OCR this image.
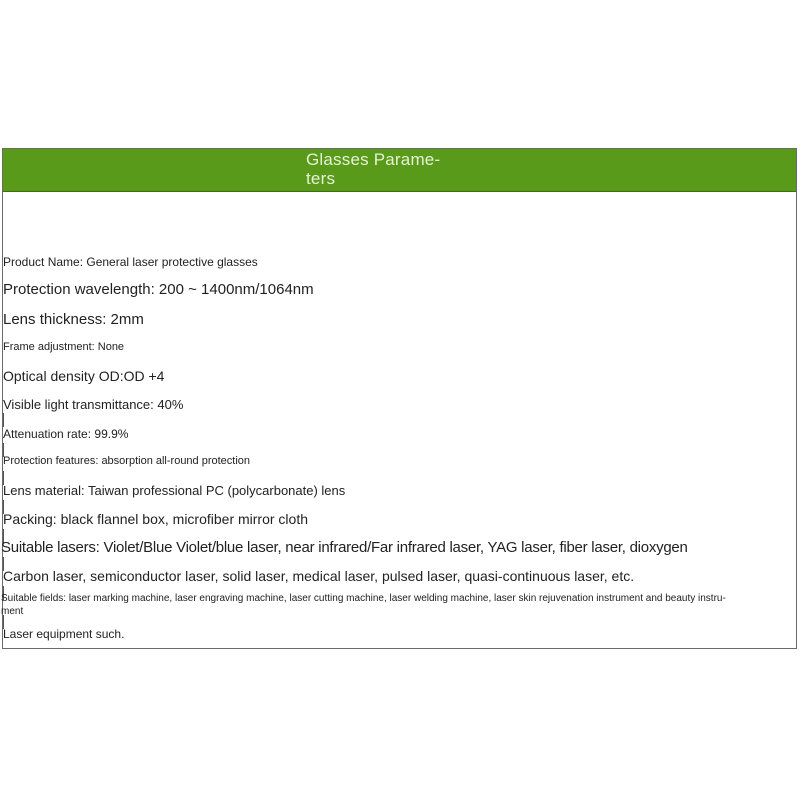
Glasses Parame-
ters
Product Name: General laser protective glasses
Protection wavelength: 200 ~ 1400nm/1064nm
Lens thickness: 2mm
Frame adjustment: None
Optical density OD:OD +4
Visible light transmittance: 40%
Attenuation rate: 99.9%
Protection features: absorption all-round protection
Lens material: Taiwan professional PC (polycarbonate) lens
Packing: black flannel box, microfiber mirror cloth
Suitable lasers: Violet/Blue Violet/blue laser, near infrared/Far infrared laser, YAG laser, fiber laser, dioxygen
Carbon laser, semiconductor laser, solid laser, medical laser, pulsed laser, quasi-continuous laser, etc.
Suitable fields: laser marking machine, laser engraving machine, laser cutting machine, laser welding machine, laser skin rejuvenation instrument and beauty instru-
ment
Laser equipment such.
